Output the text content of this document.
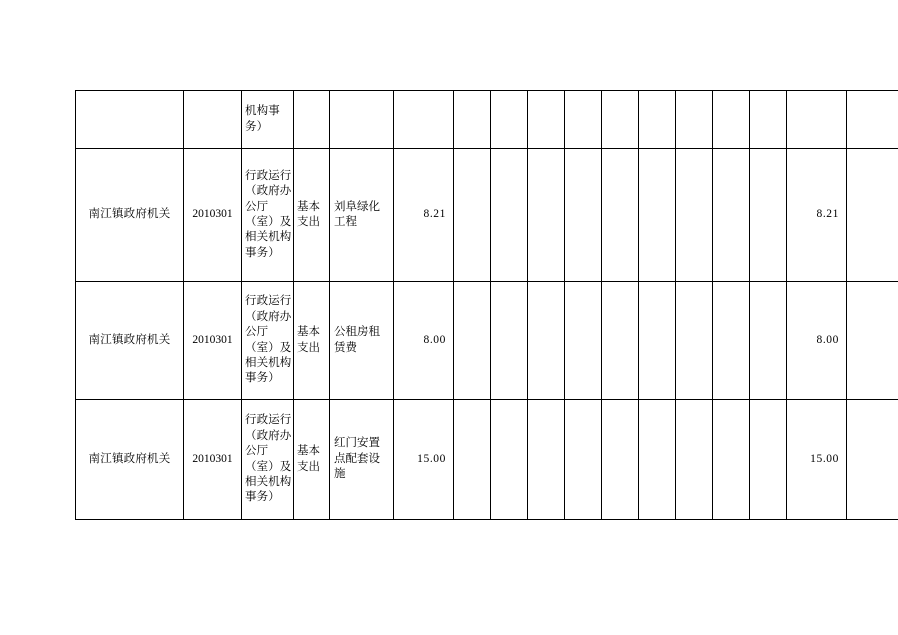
		机构事务）														

南江镇政府机关	2010301	行政运行（政府办公厅（室）及相关机构事务）	基本支出	刘阜绿化工程	8.21										8.21	

南江镇政府机关	2010301	行政运行（政府办公厅（室）及相关机构事务）	基本支出	公租房租赁费	8.00										8.00	

南江镇政府机关	2010301	行政运行（政府办公厅（室）及相关机构事务）	基本支出	红门安置点配套设施	15.00										15.00	
